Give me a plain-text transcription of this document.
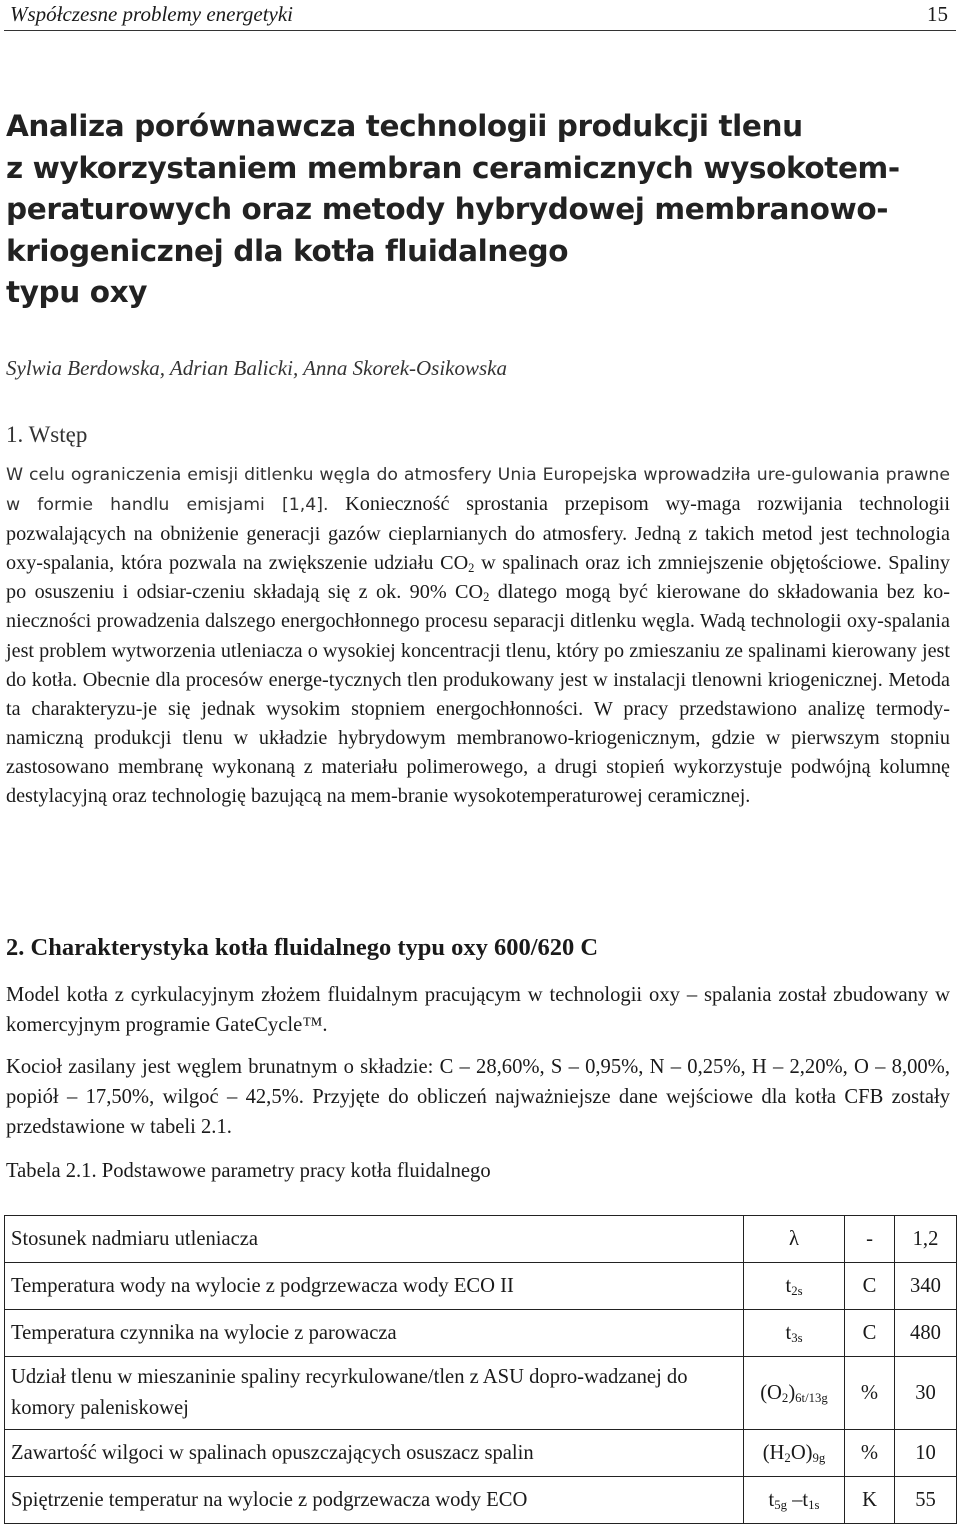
Współczesne problemy energetyki	15
Analiza porównawcza technologii produkcji tlenu
z wykorzystaniem membran ceramicznych wysokotem-
peraturowych oraz metody hybrydowej membranowo-
kriogenicznej dla kotła fluidalnego
typu oxy
Sylwia Berdowska, Adrian Balicki, Anna Skorek-Osikowska
1. Wstęp

W celu ograniczenia emisji ditlenku węgla do atmosfery Unia Europejska wprowadziła ure-gulowania prawne w formie handlu emisjami [1,4]. Konieczność sprostania przepisom wy-maga rozwijania technologii pozwalających na obniżenie generacji gazów cieplarnianych do atmosfery. Jedną z takich metod jest technologia oxy-spalania, która pozwala na zwiększenie udziału $CO_2$ w spalinach oraz ich zmniejszenie objętościowe. Spaliny po osuszeniu i odsiar-czeniu składają się z ok. 90% $CO_2$ dlatego mogą być kierowane do składowania bez ko-nieczności prowadzenia dalszego energochłonnego procesu separacji ditlenku węgla. Wadą technologii oxy-spalania jest problem wytworzenia utleniacza o wysokiej koncentracji tlenu, który po zmieszaniu ze spalinami kierowany jest do kotła. Obecnie dla procesów energe-tycznych tlen produkowany jest w instalacji tlenowni kriogenicznej. Metoda ta charakteryzu-je się jednak wysokim stopniem energochłonności. W pracy przedstawiono analizę termody-namiczną produkcji tlenu w układzie hybrydowym membranowo-kriogenicznym, gdzie w pierwszym stopniu zastosowano membranę wykonaną z materiału polimerowego, a drugi stopień wykorzystuje podwójną kolumnę destylacyjną oraz technologię bazującą na mem-branie wysokotemperaturowej ceramicznej.

2. Charakterystyka kotła fluidalnego typu oxy 600/620 C

Model kotła z cyrkulacyjnym złożem fluidalnym pracującym w technologii oxy – spalania został zbudowany w komercyjnym programie GateCycle™.

Kocioł zasilany jest węglem brunatnym o składzie: C – 28,60%, S – 0,95%, N – 0,25%, H – 2,20%, O – 8,00%, popiół – 17,50%, wilgoć – 42,5%. Przyjęte do obliczeń najważniejsze dane wejściowe dla kotła CFB zostały przedstawione w tabeli 2.1.

Tabela 2.1. Podstawowe parametry pracy kotła fluidalnego

Stosunek nadmiaru utleniacza	λ	-	1,2
Temperatura wody na wylocie z podgrzewacza wody ECO II	$t_{2s}$	C	340
Temperatura czynnika na wylocie z parowacza	$t_{3s}$	C	480
Udział tlenu w mieszaninie spaliny recyrkulowane/tlen z ASU dopro-wadzanej do komory paleniskowej	$(O_2)_{6t/13g}$	%	30
Zawartość wilgoci w spalinach opuszczających osuszacz spalin	$(H_2O)_{9g}$	%	10
Spiętrzenie temperatur na wylocie z podgrzewacza wody ECO	$t_{5g}$ $-t_{1s}$	K	55
